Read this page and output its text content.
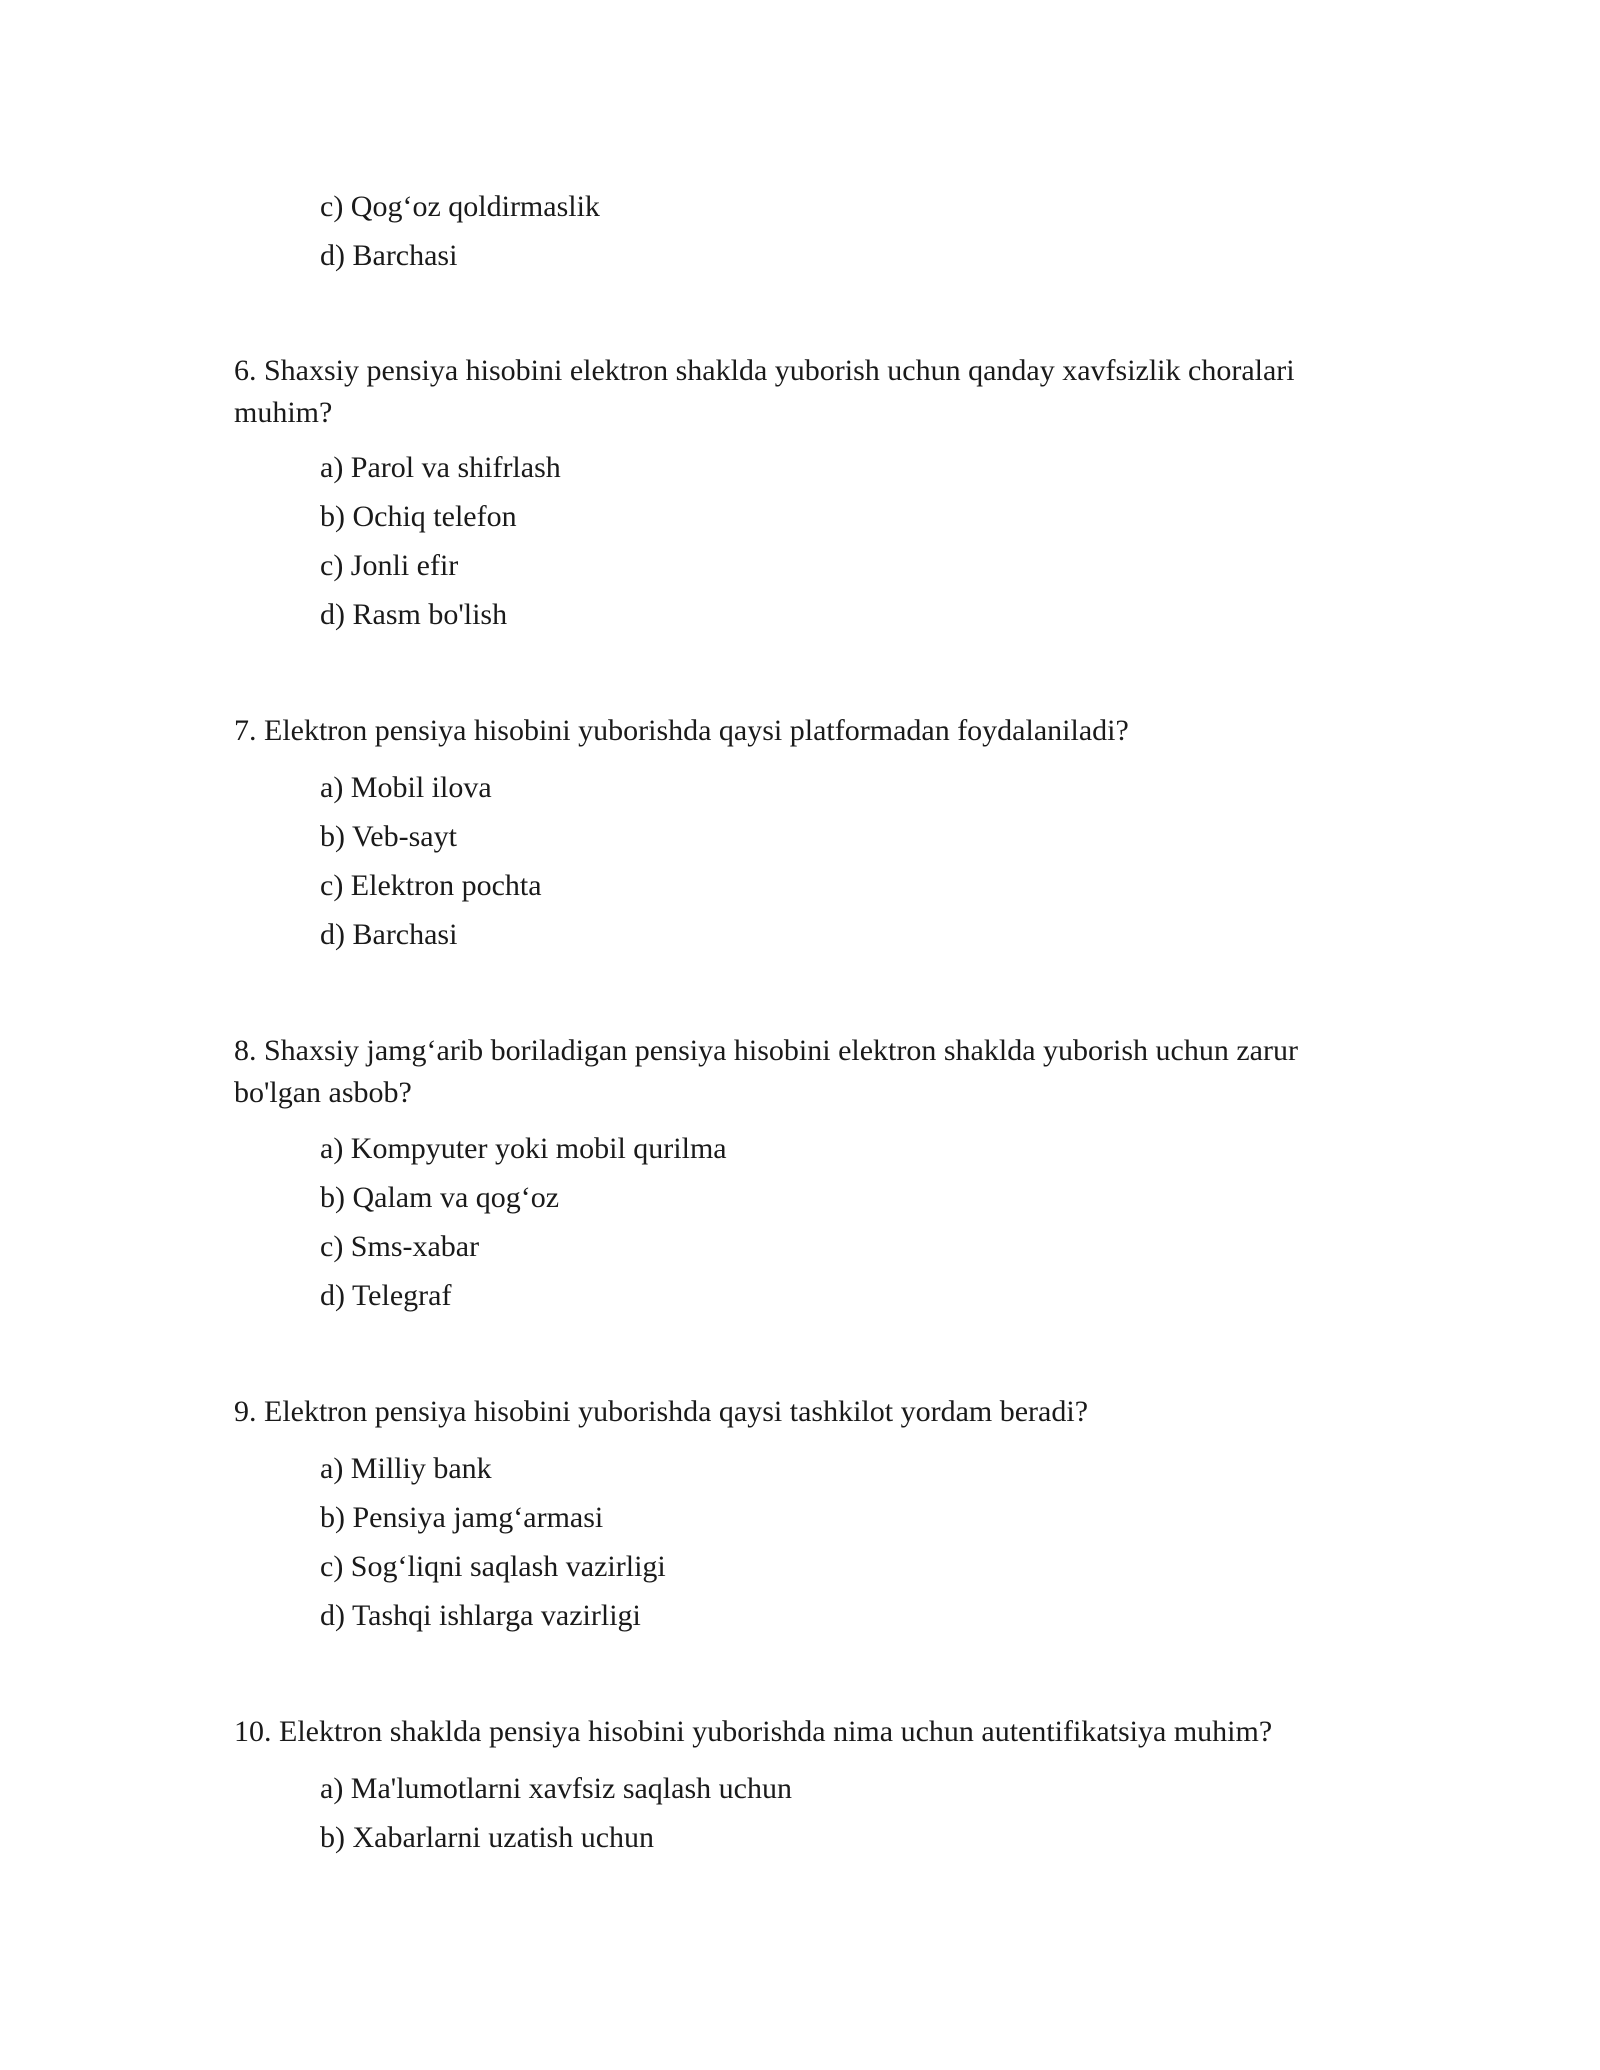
c) Qog‘oz qoldirmaslik
d) Barchasi
6. Shaxsiy pensiya hisobini elektron shaklda yuborish uchun qanday xavfsizlik choralari muhim?
a) Parol va shifrlash
b) Ochiq telefon
c) Jonli efir
d) Rasm bo'lish
7. Elektron pensiya hisobini yuborishda qaysi platformadan foydalaniladi?
a) Mobil ilova
b) Veb-sayt
c) Elektron pochta
d) Barchasi
8. Shaxsiy jamg‘arib boriladigan pensiya hisobini elektron shaklda yuborish uchun zarur bo'lgan asbob?
a) Kompyuter yoki mobil qurilma
b) Qalam va qog‘oz
c) Sms-xabar
d) Telegraf
9. Elektron pensiya hisobini yuborishda qaysi tashkilot yordam beradi?
a) Milliy bank
b) Pensiya jamg‘armasi
c) Sog‘liqni saqlash vazirligi
d) Tashqi ishlarga vazirligi
10. Elektron shaklda pensiya hisobini yuborishda nima uchun autentifikatsiya muhim?
a) Ma'lumotlarni xavfsiz saqlash uchun
b) Xabarlarni uzatish uchun
